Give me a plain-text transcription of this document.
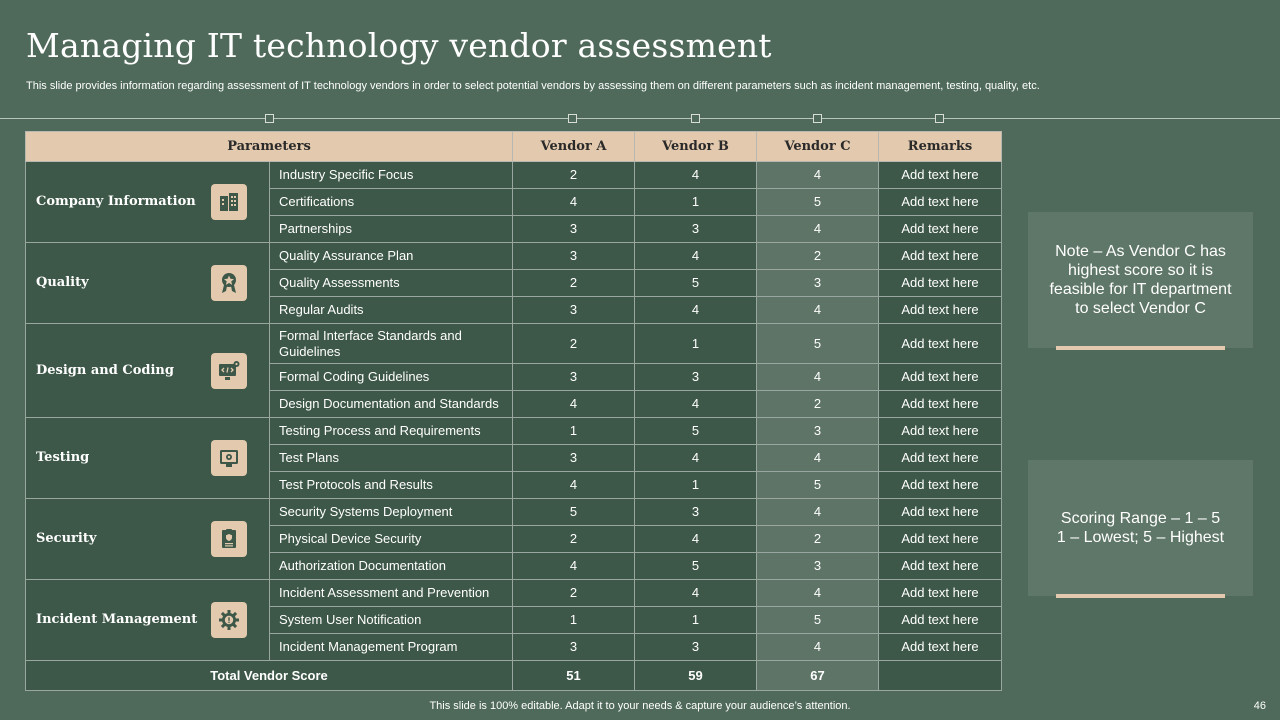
Managing IT technology vendor assessment
This slide provides information regarding assessment of IT technology vendors in order to select potential vendors by assessing them on different parameters such as incident management, testing, quality, etc.
Parameters		Vendor A	Vendor B	Vendor C	Remarks

Company Information	Industry Specific Focus	2	4	4	Add text here
	Certifications	4	1	5	Add text here
	Partnerships	3	3	4	Add text here

Quality	Quality Assurance Plan	3	4	2	Add text here
	Quality Assessments	2	5	3	Add text here
	Regular Audits	3	4	4	Add text here

Design and Coding	Formal Interface Standards and Guidelines	2	1	5	Add text here
	Formal Coding Guidelines	3	3	4	Add text here
	Design Documentation and Standards	4	4	2	Add text here

Testing	Testing Process and Requirements	1	5	3	Add text here
	Test Plans	3	4	4	Add text here
	Test Protocols and Results	4	1	5	Add text here

Security	Security Systems Deployment	5	3	4	Add text here
	Physical Device Security	2	4	2	Add text here
	Authorization Documentation	4	5	3	Add text here

Incident Management	Incident Assessment and Prevention	2	4	4	Add text here
	System User Notification	1	1	5	Add text here
	Incident Management Program	3	3	4	Add text here
Total Vendor Score		51	59	67	
Note – As Vendor C has highest score so it is feasible for IT department to select Vendor C
Scoring Range – 1 – 5
1 – Lowest; 5 – Highest
This slide is 100% editable. Adapt it to your needs & capture your audience’s attention.	46
